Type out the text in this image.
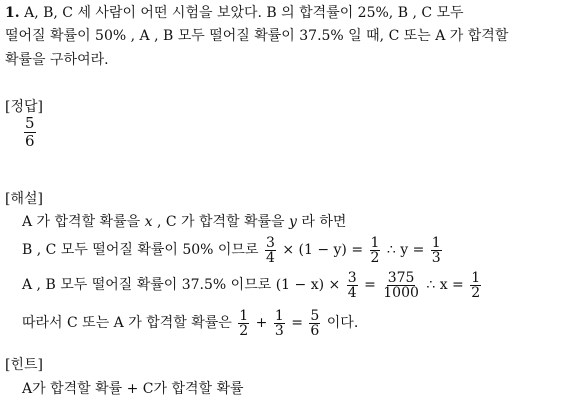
1. A, B, C 세 사람이 어떤 시험을 보았다. B 의 합격률이 25%, B , C 모두
떨어질 확률이 50% , A , B 모두 떨어질 확률이 37.5% 일 때, C 또는 A 가 합격할
확률을 구하여라.
[정답]
$\frac{5}{6}$
[해설]
A 가 합격할 확률을 x , C 가 합격할 확률을 y 라 하면
B , C 모두 떨어질 확률이 50% 이므로 $\frac{3}{4} \times (1 - y) = \frac{1}{2}$ ∴ $y = \frac{1}{3}$
A , B 모두 떨어질 확률이 37.5% 이므로 $(1 - x) \times \frac{3}{4} = \frac{375}{1000}$ ∴ $x = \frac{1}{2}$
따라서 C 또는 A 가 합격할 확률은 $\frac{1}{2} + \frac{1}{3} = \frac{5}{6}$ 이다.
[힌트]
A가 합격할 확률 + C가 합격할 확률
